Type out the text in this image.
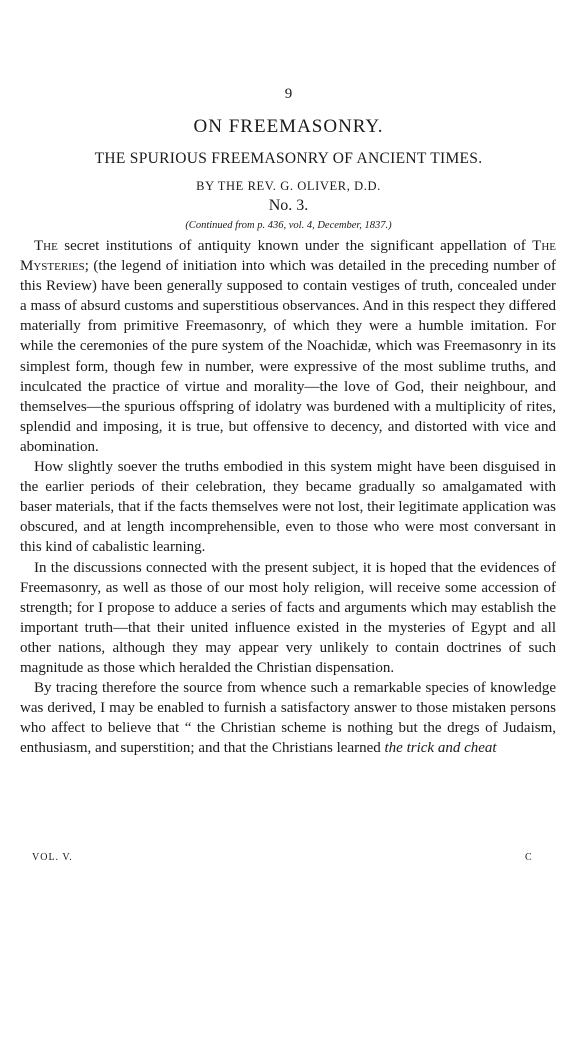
9
ON FREEMASONRY.
THE SPURIOUS FREEMASONRY OF ANCIENT TIMES.
BY THE REV. G. OLIVER, D.D.
No. 3.
(Continued from p. 436, vol. 4, December, 1837.)

The secret institutions of antiquity known under the significant appellation of The Mysteries; (the legend of initiation into which was detailed in the preceding number of this Review) have been generally supposed to contain vestiges of truth, concealed under a mass of absurd customs and superstitious observances. And in this respect they differed materially from primitive Freemasonry, of which they were a humble imitation. For while the ceremonies of the pure system of the Noachidæ, which was Freemasonry in its simplest form, though few in number, were expressive of the most sublime truths, and inculcated the practice of virtue and morality—the love of God, their neighbour, and themselves—the spurious offspring of idolatry was burdened with a multiplicity of rites, splendid and imposing, it is true, but offensive to decency, and distorted with vice and abomination.

How slightly soever the truths embodied in this system might have been disguised in the earlier periods of their celebration, they became gradually so amalgamated with baser materials, that if the facts themselves were not lost, their legitimate application was obscured, and at length incomprehensible, even to those who were most conversant in this kind of cabalistic learning.

In the discussions connected with the present subject, it is hoped that the evidences of Freemasonry, as well as those of our most holy religion, will receive some accession of strength; for I propose to adduce a series of facts and arguments which may establish the important truth—that their united influence existed in the mysteries of Egypt and all other nations, although they may appear very unlikely to contain doctrines of such magnitude as those which heralded the Christian dispensation.

By tracing therefore the source from whence such a remarkable species of knowledge was derived, I may be enabled to furnish a satisfactory answer to those mistaken persons who affect to believe that “ the Christian scheme is nothing but the dregs of Judaism, enthusiasm, and superstition; and that the Christians learned the trick and cheat

VOL. V.	C
